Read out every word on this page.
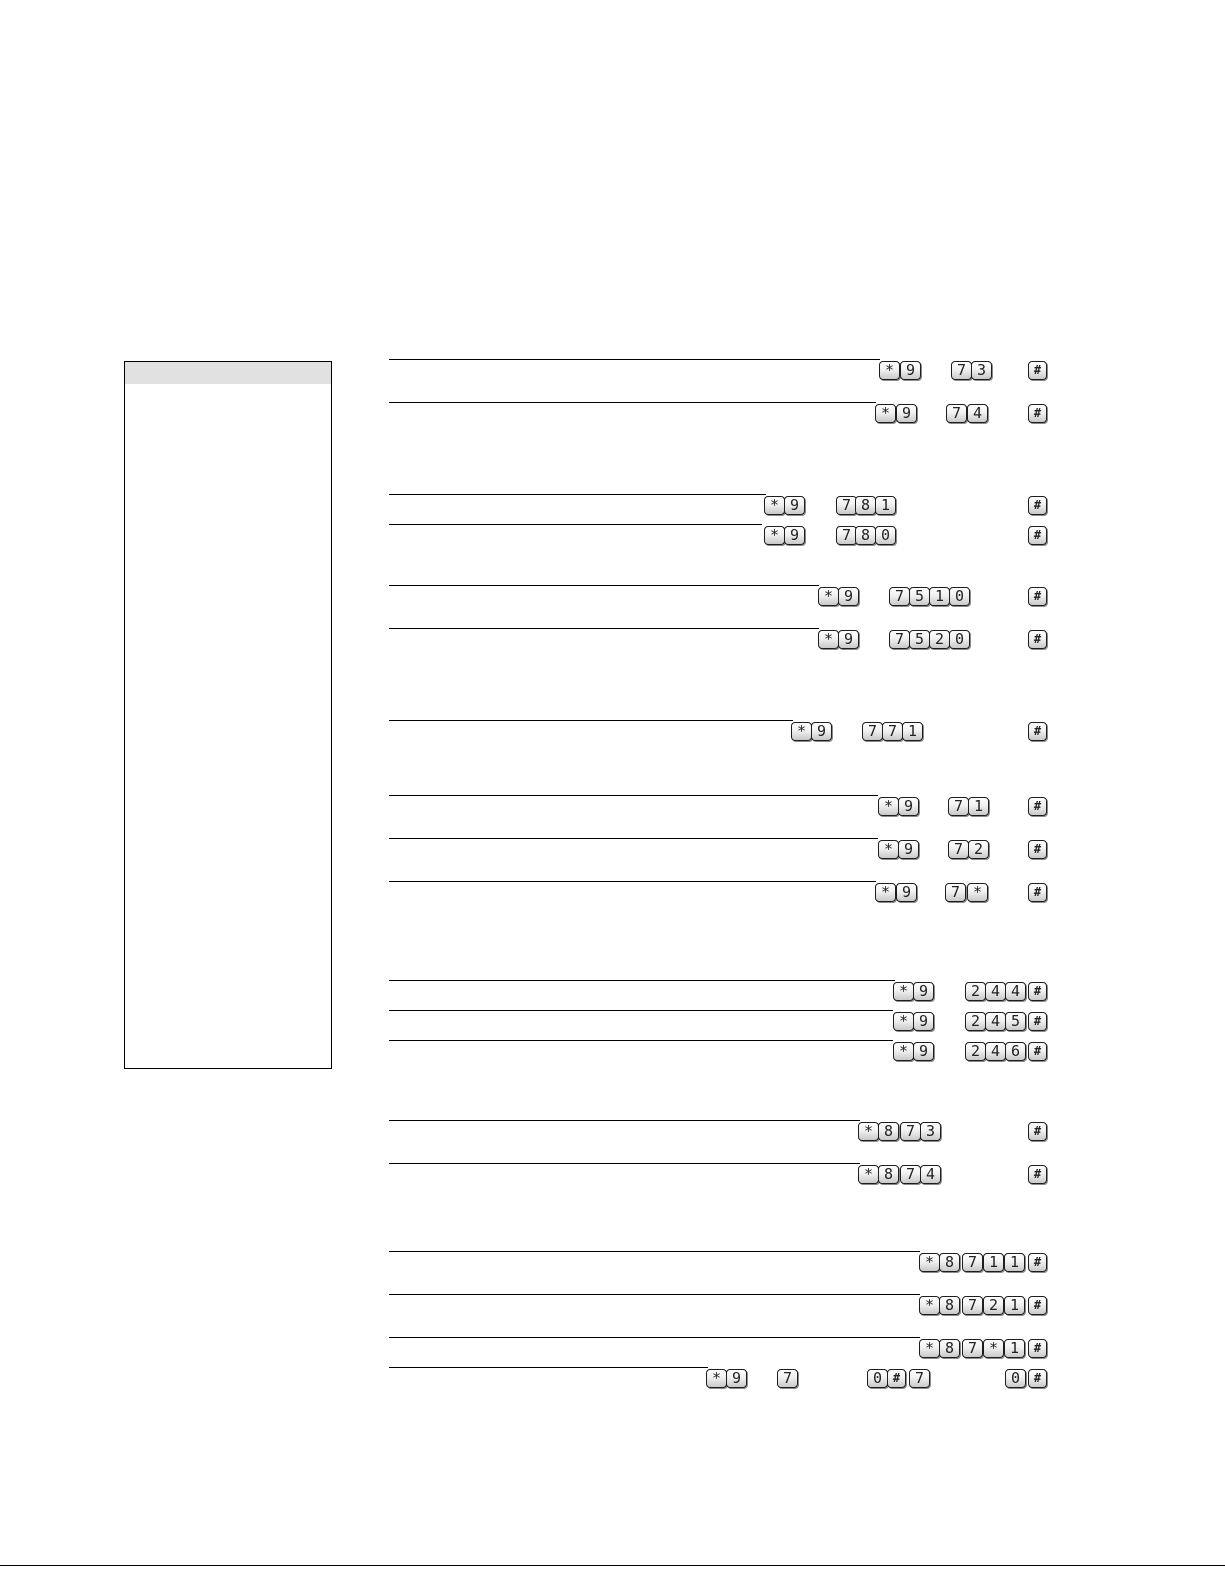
* 9	7 3	#
* 9	7 4	#
* 9	7 8 1	#
* 9	7 8 0	#
* 9	7 5 1 0	#
* 9	7 5 2 0	#
* 9	7 7 1	#
* 9	7 1	#
* 9	7 2	#
* 9	7 *	#
* 9	2 4 4	#
* 9	2 4 5	#
* 9	2 4 6	#
* 8 7 3	#
* 8 7 4	#
* 8 7 1 1	#
* 8 7 2 1	#
* 8 7 * 1	#
* 9	7	0 # 7	0	#
